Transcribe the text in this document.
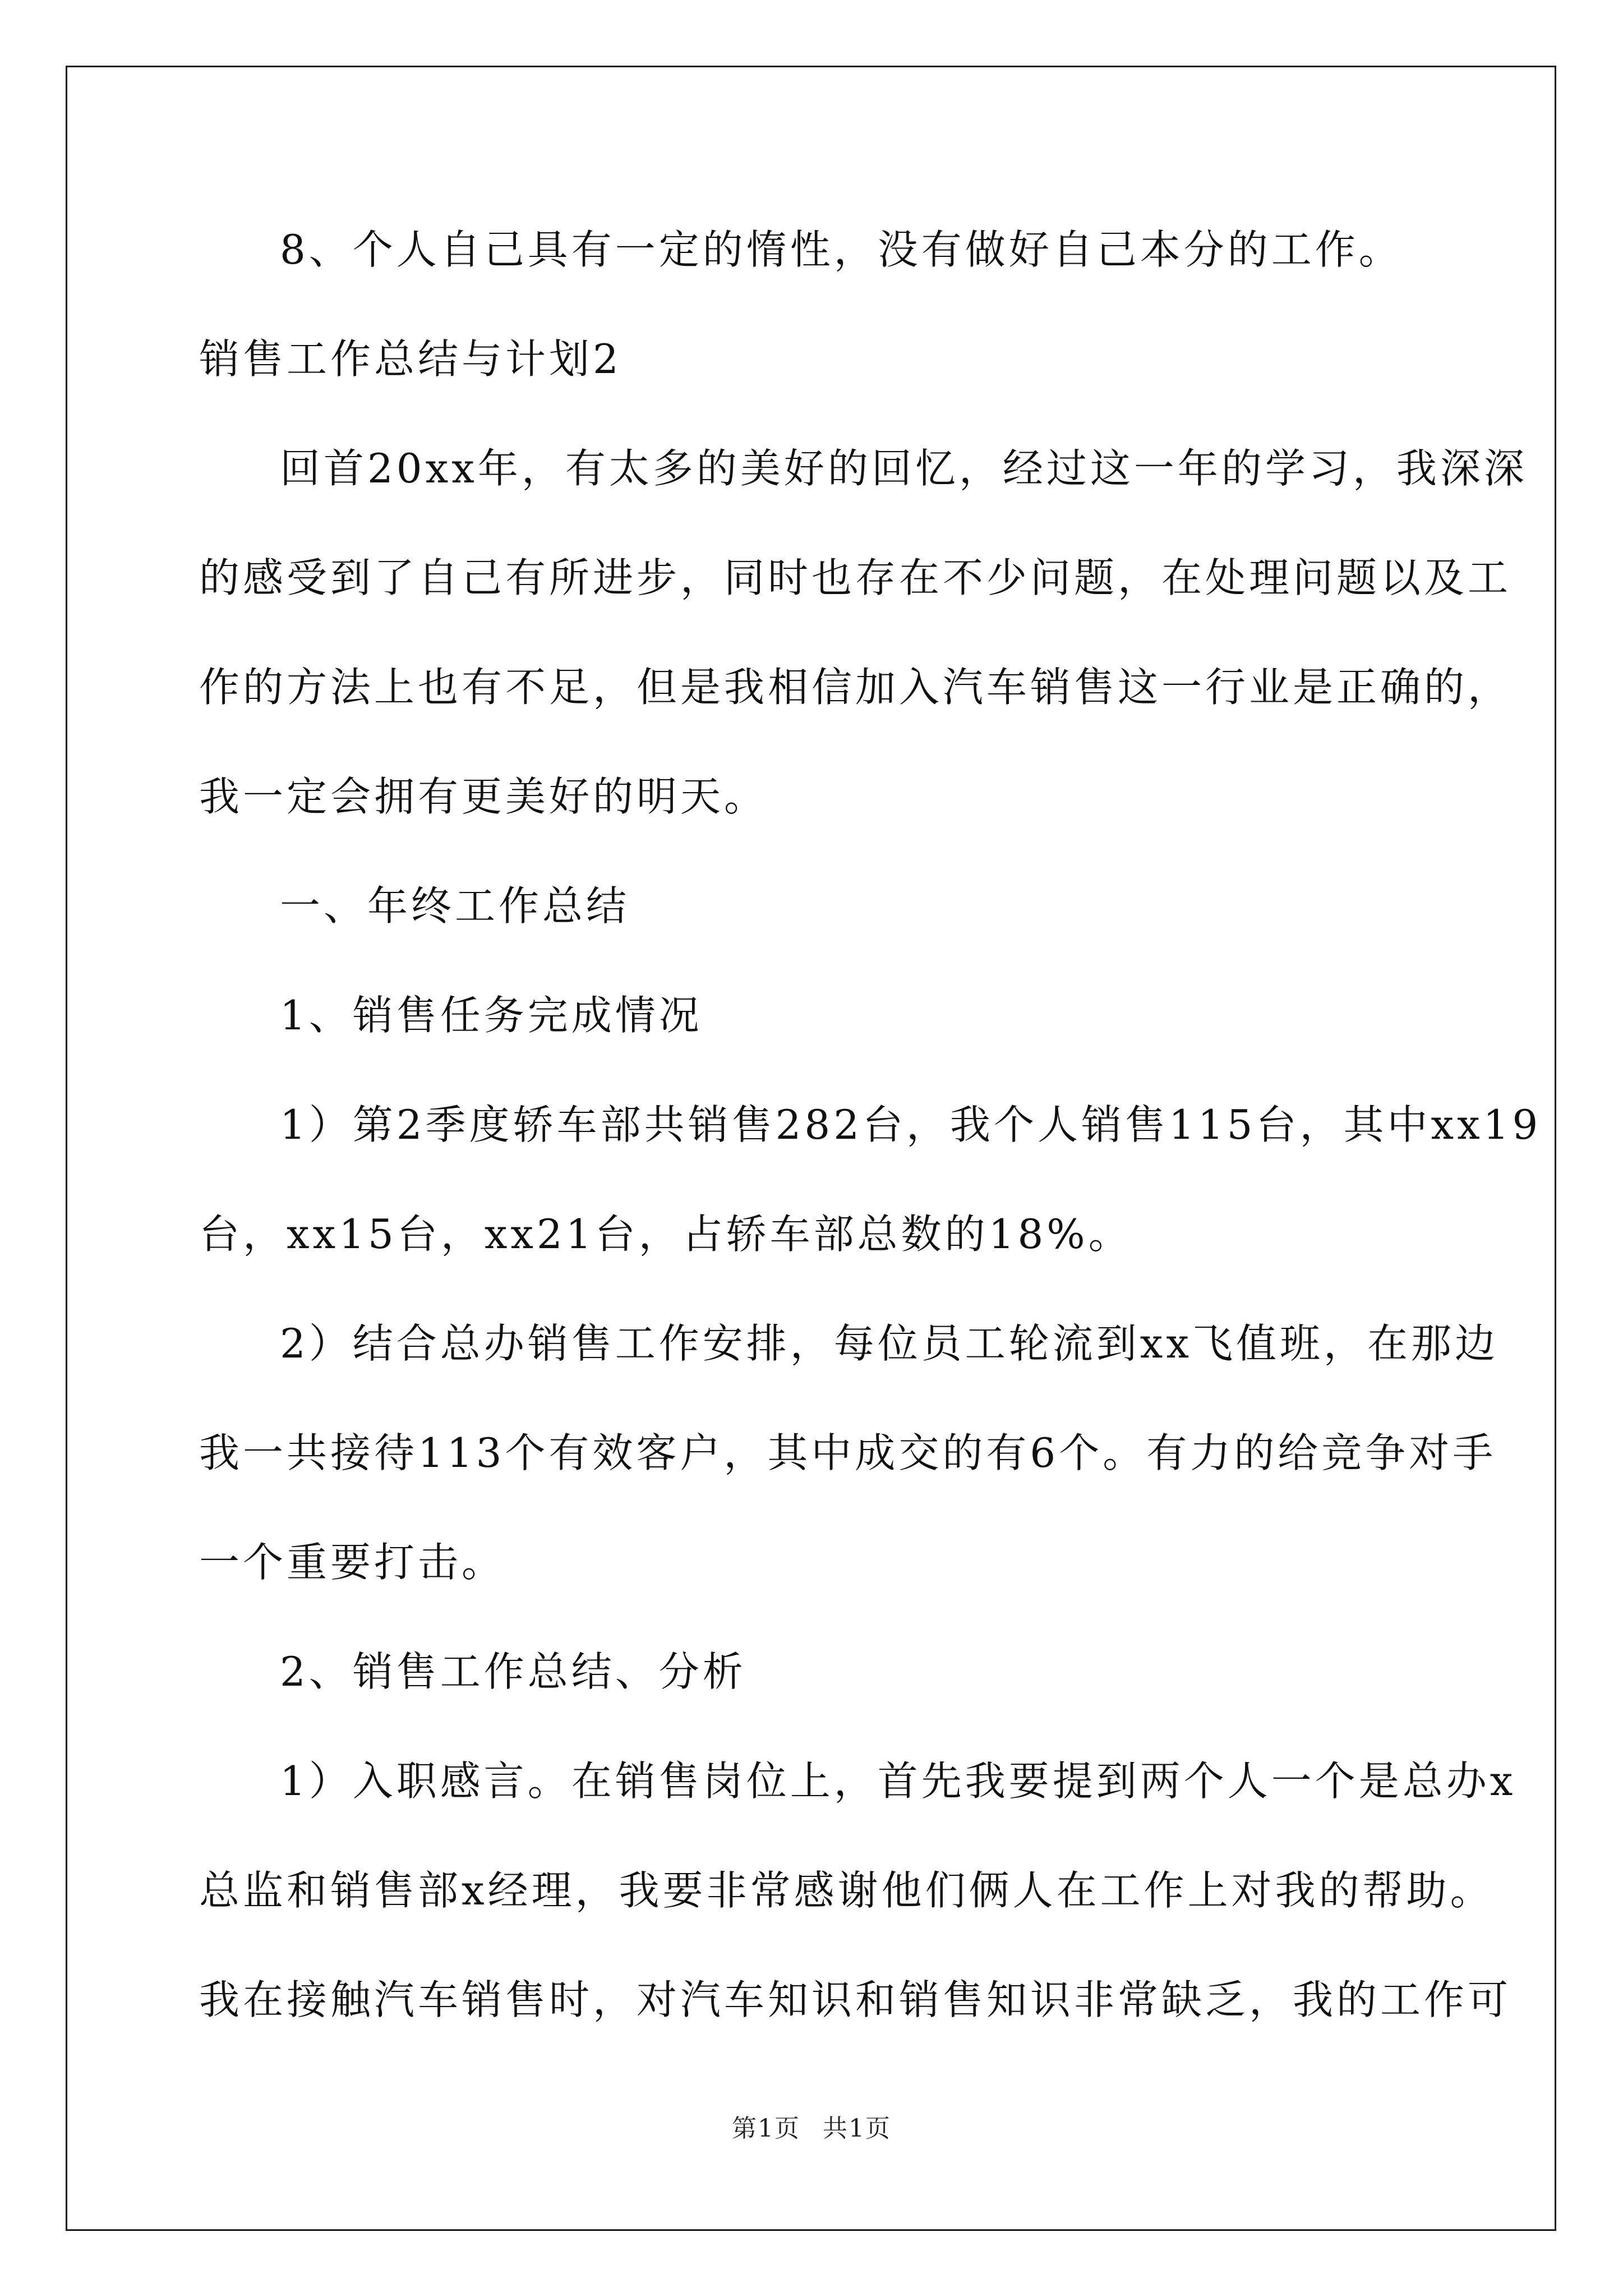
8、个人自己具有一定的惰性，没有做好自己本分的工作。
销售工作总结与计划2
回首20xx年，有太多的美好的回忆，经过这一年的学习，我深深
的感受到了自己有所进步，同时也存在不少问题，在处理问题以及工
作的方法上也有不足，但是我相信加入汽车销售这一行业是正确的，
我一定会拥有更美好的明天。
一、年终工作总结
1、销售任务完成情况
1）第2季度轿车部共销售282台，我个人销售115台，其中xx19
台，xx15台，xx21台，占轿车部总数的18%。
2）结合总办销售工作安排，每位员工轮流到xx飞值班，在那边
我一共接待113个有效客户，其中成交的有6个。有力的给竞争对手
一个重要打击。
2、销售工作总结、分析
1）入职感言。在销售岗位上，首先我要提到两个人一个是总办x
总监和销售部x经理，我要非常感谢他们俩人在工作上对我的帮助。
我在接触汽车销售时，对汽车知识和销售知识非常缺乏，我的工作可
第1页 共1页
